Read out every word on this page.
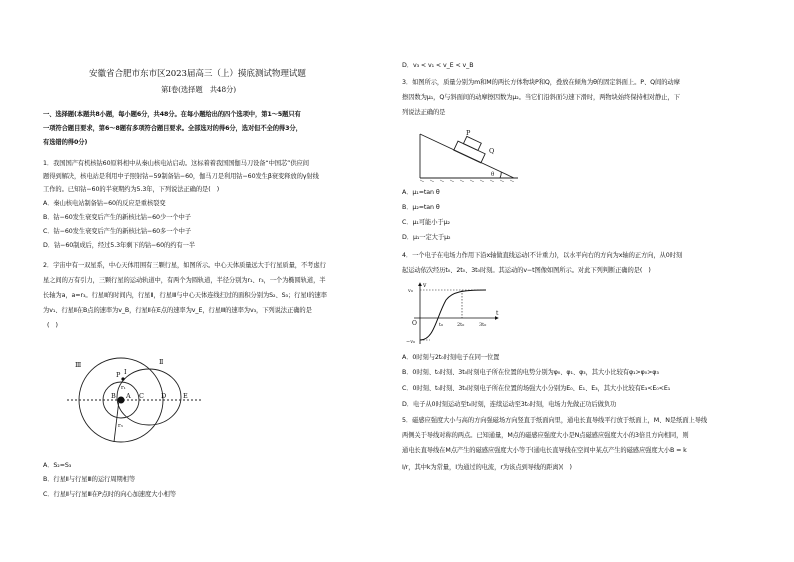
安徽省合肥市东市区2023届高三（上）摸底测试物理试题

第Ⅰ卷(选择题　共48分)

一、选择题(本题共8小题，每小题6分，共48分。在每小题给出的四个选项中，第1～5题只有

一项符合题目要求，第6～8题有多项符合题目要求。全部选对的得6分，选对但不全的得3分，

有选错的得0分)

1．我国国产有机核钴60原料相中从秦山核电站启动。这标着着我国国伽马刀设备“中国芯”供应间

题得到解决，核电站是利用中子照射钴−59制备钴−60，伽马刀是利用钴−60发生β衰变释放的γ射线

工作的。已知钴−60的半衰期约为5.3年，下列说法正确的是(　)

A．秦山核电站制备钴−60的反应是重核裂变

B．钴−60发生衰变后产生的新核比钴−60少一个中子

C．钴−60发生衰变后产生的新核比钴−60多一个中子

D．钴−60制成后，经过5.3年剩下的钴−60的约有一半

2．宇宙中有一双星系，中心天体用围有三颗行星，如图所示。中心天体质量远大于行星质量，不考虑行

星之间的万有引力，三颗行星的运动轨道中，有两个为圆轨道，半径分别为r₁、r₃，一个为椭圆轨道，半

长轴为a，a=r₃。行星Ⅱ的时间内，行星Ⅱ，行星Ⅲ与中心天体连线扫过的面积分别为S₂、S₃；行星Ⅰ的速率

为v₁、行星Ⅱ在B点的速率为v_B，行星Ⅱ在E点的速率为v_E，行星Ⅲ的速率为v₃，下列说法正确的是

(　)

Ⅲ	Ⅱ
Ⅰ
P
B A C	D	E
r₁
r₃

A．S₂=S₃

B．行星Ⅱ与行星Ⅲ的运行周期相等

C．行星Ⅱ与行星Ⅲ在P点时的向心加速度大小相等

D．v₃ < v₁ < v_E < v_B

3．如图所示，质量分别为m和M的两长方体物块P和Q，叠放在倾角为θ的固定斜面上。P、Q间的动摩

擦因数为μ₁，Q与斜面间的动摩擦因数为μ₂。当它们沿斜面匀速下滑时，两物块始终保持相对静止，下

列说法正确的是

P
Q
θ

A．μ₁=tan θ

B．μ₂=tan θ

C．μ₁可能小于μ₂

D．μ₁一定大于μ₂

4．一个电子在电场力作用下沿x轴做直线运动(不计重力)，以水平向右的方向为x轴的正方向，从0时刻

起运动依次经历t₀、2t₀、3t₀时刻。其运动的v−t图像如图所示。对此下列判断正确的是(　)

v
v₀
−v₀
O	t₀	2t₀	3t₀
t

A．0时刻与2t₀时刻电子在同一位置

B．0时刻、t₀时刻、3t₀时刻电子所在位置的电势分别为φ₀、φ₁、φ₃，其大小比较有φ₁>φ₀>φ₃

C．0时刻、t₀时刻、3t₀时刻电子所在位置的场强大小分别为E₀、E₁、E₃，其大小比较有E₃<E₀<E₁

D．电子从0时刻运动至t₀时刻，连续运动至3t₀时刻，电场力先做正功后做负功

5．磁感应强度大小与高的方向强磁场方向竖直于纸面向里，通电长直导线平行放于纸面上，M、N是纸面上导线

两侧关于导线对称的两点。已知通量，M点的磁感应强度大小是N点磁感应强度大小的3倍且方向相同，则

通电长直导线在M点产生的磁感应强度大小等于(通电长直导线在空间中某点产生的磁感应强度大小B = k

I/r，其中k为常量，I为通过的电流，r为该点到导线的距离)(　)
